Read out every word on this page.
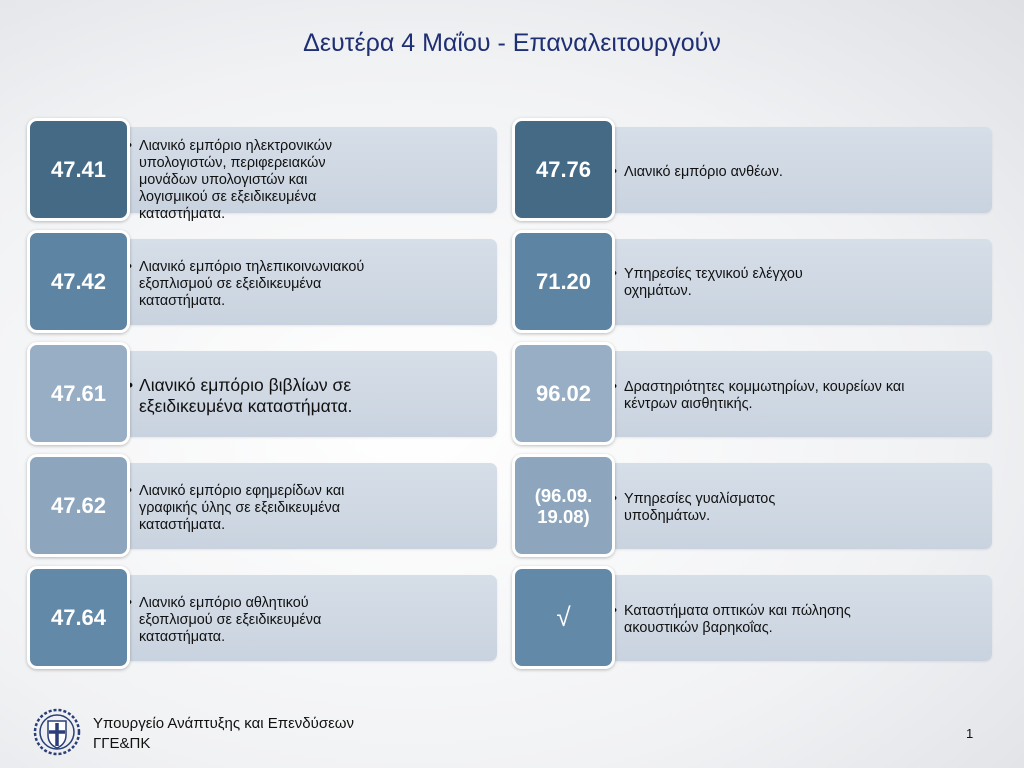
Δευτέρα 4 Μαΐου - Επαναλειτουργούν
• Λιανικό εμπόριο ηλεκτρονικών υπολογιστών, περιφερειακών μονάδων υπολογιστών και λογισμικού σε εξειδικευμένα καταστήματα.
47.41
• Λιανικό εμπόριο τηλεπικοινωνιακού εξοπλισμού σε εξειδικευμένα καταστήματα.
47.42
• Λιανικό εμπόριο βιβλίων σε εξειδικευμένα καταστήματα.
47.61
• Λιανικό εμπόριο εφημερίδων και γραφικής ύλης σε εξειδικευμένα καταστήματα.
47.62
• Λιανικό εμπόριο αθλητικού εξοπλισμού σε εξειδικευμένα καταστήματα.
47.64
• Λιανικό εμπόριο ανθέων.
47.76
• Υπηρεσίες τεχνικού ελέγχου οχημάτων.
71.20
• Δραστηριότητες κομμωτηρίων, κουρείων και κέντρων αισθητικής.
96.02
• Υπηρεσίες γυαλίσματος υποδημάτων.
(96.09. 19.08)
• Καταστήματα οπτικών και πώλησης ακουστικών βαρηκοΐας.
√
Υπουργείο Ανάπτυξης και Επενδύσεων
ΓΓΕ&ΠΚ
1
